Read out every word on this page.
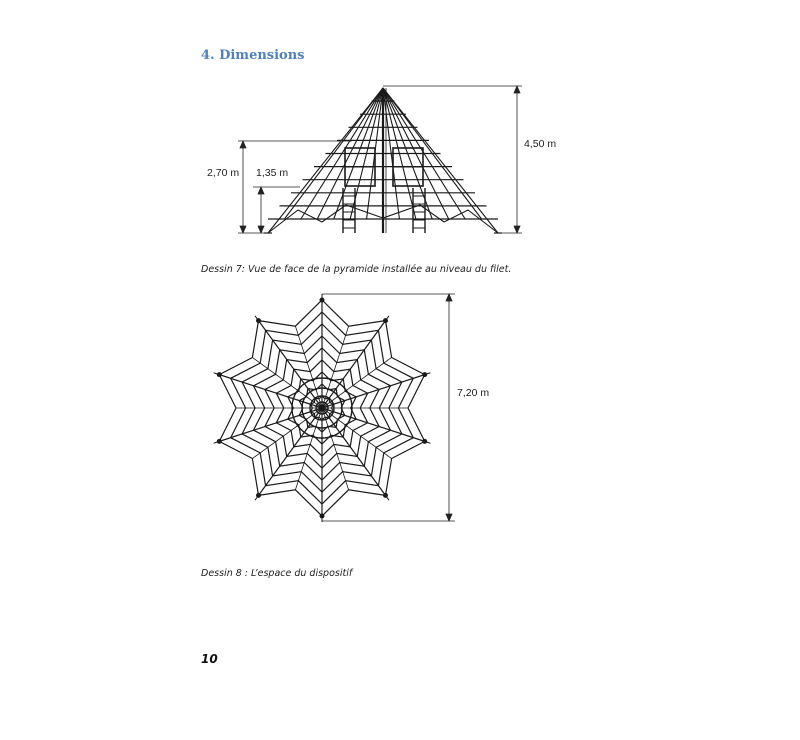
4. Dimensions
4,50 m
2,70 m 1,35 m

Dessin 7: Vue de face de la pyramide installée au niveau du filet.

7,20 m

Dessin 8 : L’espace du dispositif

10
